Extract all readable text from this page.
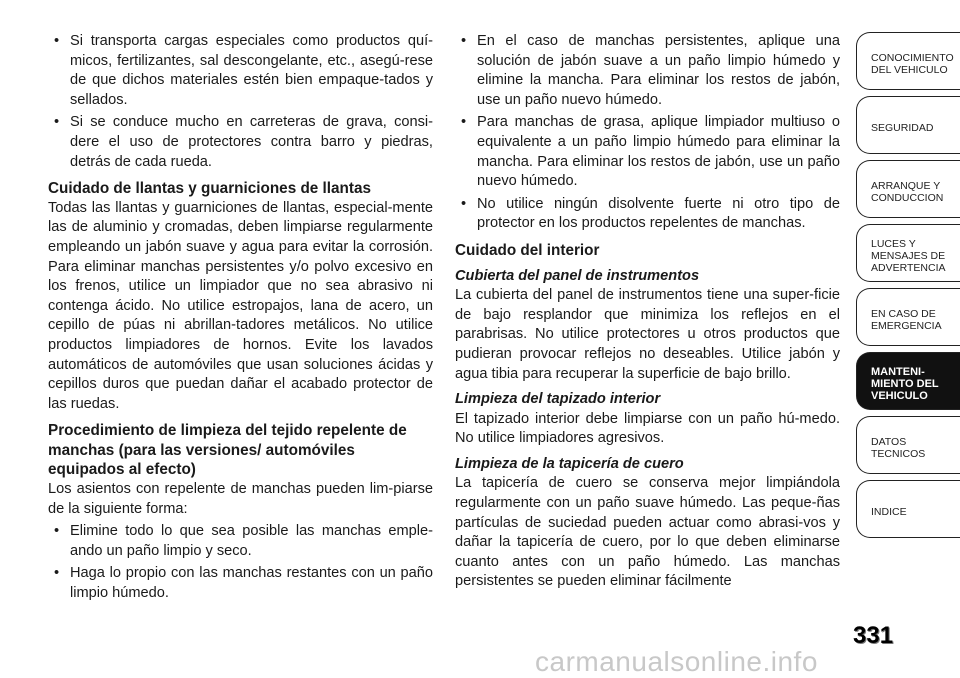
• Si transporta cargas especiales como productos quí-micos, fertilizantes, sal descongelante, etc., asegú-rese de que dichos materiales estén bien empaque-tados y sellados.
• Si se conduce mucho en carreteras de grava, consi-dere el uso de protectores contra barro y piedras, detrás de cada rueda.
Cuidado de llantas y guarniciones de llantas

Todas las llantas y guarniciones de llantas, especial-mente las de aluminio y cromadas, deben limpiarse regularmente empleando un jabón suave y agua para evitar la corrosión. Para eliminar manchas persistentes y/o polvo excesivo en los frenos, utilice un limpiador que no sea abrasivo ni contenga ácido. No utilice estropajos, lana de acero, un cepillo de púas ni abrillan-tadores metálicos. No utilice productos limpiadores de hornos. Evite los lavados automáticos de automóviles que usan soluciones ácidas y cepillos duros que puedan dañar el acabado protector de las ruedas.

Procedimiento de limpieza del tejido repelente de manchas (para las versiones/ automóviles equipados al efecto)

Los asientos con repelente de manchas pueden lim-piarse de la siguiente forma:

• Elimine todo lo que sea posible las manchas emple-ando un paño limpio y seco.
• Haga lo propio con las manchas restantes con un paño limpio húmedo.
• En el caso de manchas persistentes, aplique una solución de jabón suave a un paño limpio húmedo y elimine la mancha. Para eliminar los restos de jabón, use un paño nuevo húmedo.
• Para manchas de grasa, aplique limpiador multiuso o equivalente a un paño limpio húmedo para eliminar la mancha. Para eliminar los restos de jabón, use un paño nuevo húmedo.
• No utilice ningún disolvente fuerte ni otro tipo de protector en los productos repelentes de manchas.
Cuidado del interior
Cubierta del panel de instrumentos

La cubierta del panel de instrumentos tiene una super-ficie de bajo resplandor que minimiza los reflejos en el parabrisas. No utilice protectores u otros productos que pudieran provocar reflejos no deseables. Utilice jabón y agua tibia para recuperar la superficie de bajo brillo.

Limpieza del tapizado interior

El tapizado interior debe limpiarse con un paño hú-medo. No utilice limpiadores agresivos.

Limpieza de la tapicería de cuero

La tapicería de cuero se conserva mejor limpiándola regularmente con un paño suave húmedo. Las peque-ñas partículas de suciedad pueden actuar como abrasi-vos y dañar la tapicería de cuero, por lo que deben eliminarse cuanto antes con un paño húmedo. Las manchas persistentes se pueden eliminar fácilmente

CONOCIMIENTO
DEL VEHICULO
SEGURIDAD
ARRANQUE Y
CONDUCCION
LUCES Y
MENSAJES DE
ADVERTENCIA
EN CASO DE
EMERGENCIA
MANTENI-
MIENTO DEL
VEHICULO
DATOS
TECNICOS
INDICE
331
carmanualsonline.info
